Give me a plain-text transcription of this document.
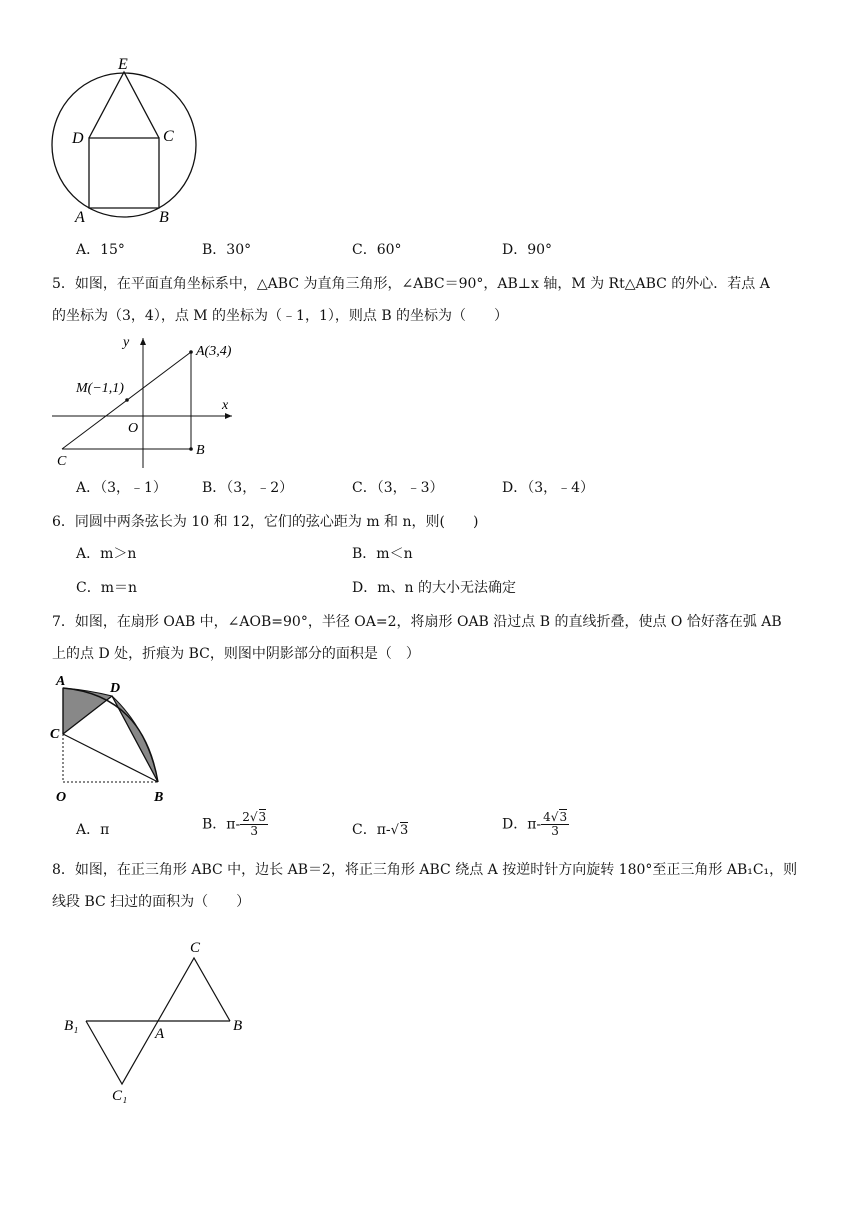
E
D	C
A	B
A．15°	B．30°	C．60°	D．90°
5．如图，在平面直角坐标系中，△ABC 为直角三角形，∠ABC＝90°，AB⊥x 轴，M 为 Rt△ABC 的外心．若点 A
的坐标为（3，4），点 M 的坐标为（﹣1，1），则点 B 的坐标为（　　）
y
A(3,4)
M(−1,1)
x
O
B
C
A．（3，﹣1）	B．（3，﹣2）	C．（3，﹣3）	D．（3，﹣4）
6．同圆中两条弦长为 10 和 12，它们的弦心距为 m 和 n，则(　　)
A．m＞n	B．m＜n
C．m＝n	D．m、n 的大小无法确定
7．如图，在扇形 OAB 中，∠AOB=90°，半径 OA=2，将扇形 OAB 沿过点 B 的直线折叠，使点 O 恰好落在弧 AB
上的点 D 处，折痕为 BC，则图中阴影部分的面积是（　）
A	D
C
O	B
A．π	B．$\pi- \frac{2√3}{3}$	C．π-√3	D．$\pi- \frac{4√3}{3}$
8．如图，在正三角形 ABC 中，边长 AB＝2，将正三角形 ABC 绕点 A 按逆时针方向旋转 180°至正三角形 AB₁C₁，则
线段 BC 扫过的面积为（　　）
C
B₁	A	B
C₁
